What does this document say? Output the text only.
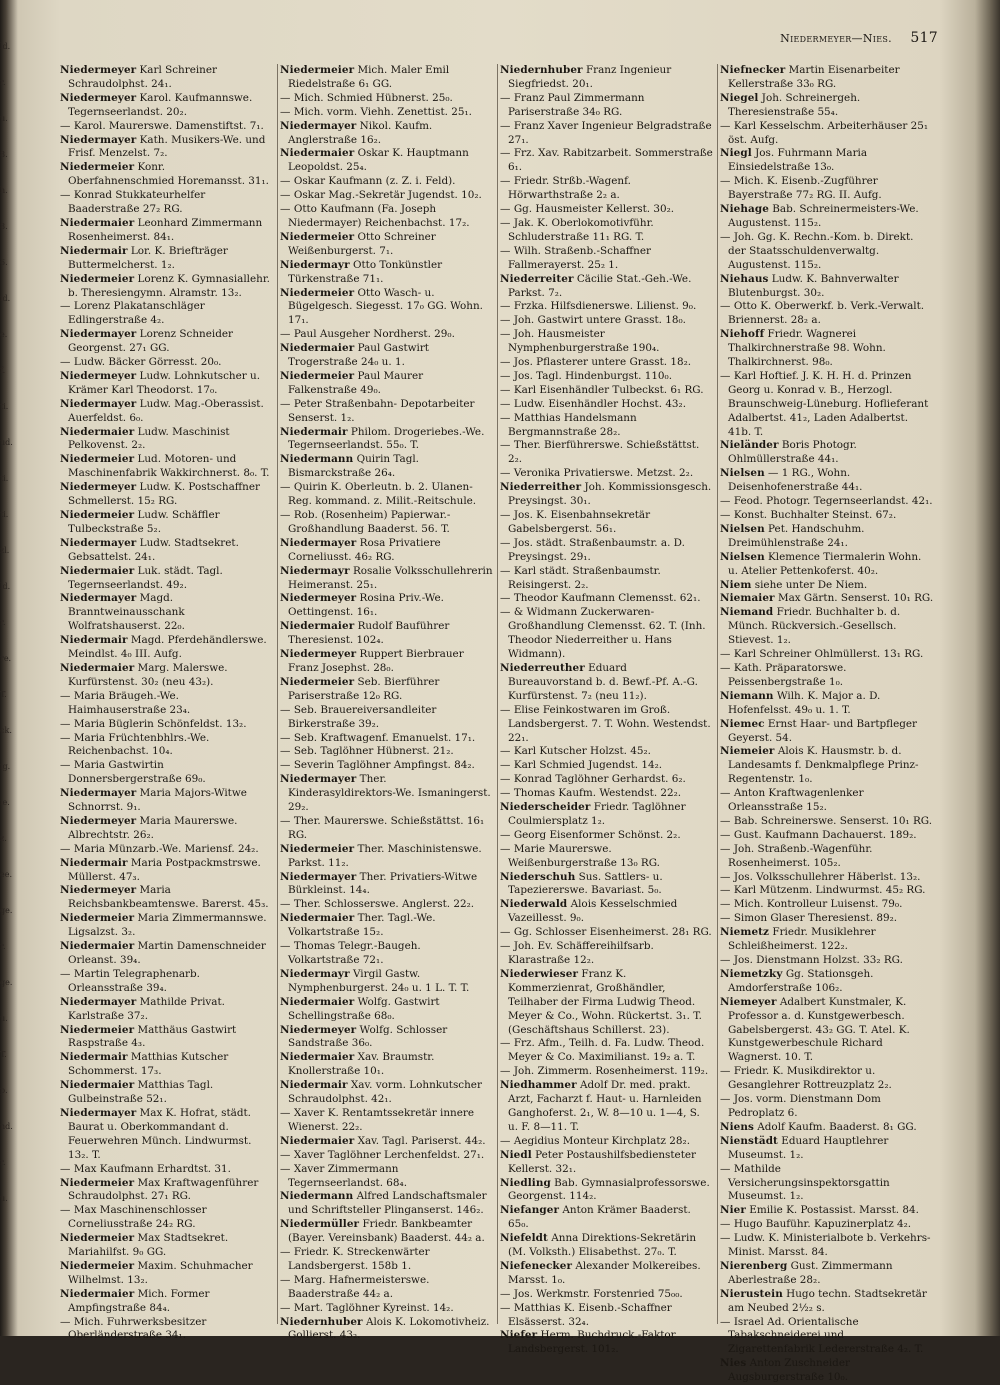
ld.
r.
u.
8.
h.
8.
6.
id.
e.
f.
ti.
ud.
ti.
ti.
zl.
ld.
r.
re.
T.
ck.
ig.
ie.
z.
ee.
ge.
r.
ge.
u.
T.
p.
nd.
r.
u.
Niedermeyer—Nies. 517

Niedermeyer Karl Schreiner Schraudolphst. 24₁.

Niedermeyer Karol. Kaufmannswe. Tegernseerlandst. 20₂.

— Karol. Maurerswe. Damenstiftst. 7₁.

Niedermayer Kath. Musikers-We. und Frisf. Menzelst. 7₂.

Niedermeier Konr. Oberfahnenschmied Horemansst. 31₁.

— Konrad Stukkateurhelfer Baaderstraße 27₂ RG.

Niedermaier Leonhard Zimmermann Rosenheimerst. 84₁.

Niedermair Lor. K. Briefträger Buttermelcherst. 1₂.

Niedermeier Lorenz K. Gymnasiallehr. b. Theresiengymn. Alramstr. 13₂.

— Lorenz Plakatanschläger Edlingerstraße 4₂.

Niedermayer Lorenz Schneider Georgenst. 27₁ GG.

— Ludw. Bäcker Görresst. 20₀.

Niedermeyer Ludw. Lohnkutscher u. Krämer Karl Theodorst. 17₀.

Niedermayer Ludw. Mag.-Oberassist. Auerfeldst. 6₀.

Niedermaier Ludw. Maschinist Pelkovenst. 2₂.

Niedermeier Lud. Motoren- und Maschinenfabrik Wakkirchnerst. 8₀. T.

Niedermeyer Ludw. K. Postschaffner Schmellerst. 15₂ RG.

Niedermeier Ludw. Schäffler Tulbeckstraße 5₂.

Niedermayer Ludw. Stadtsekret. Gebsattelst. 24₁.

Niedermaier Luk. städt. Tagl. Tegernseerlandst. 49₂.

Niedermayer Magd. Branntweinausschank Wolfratshauserst. 22₀.

Niedermair Magd. Pferdehändlerswe. Meindlst. 4₀ III. Aufg.

Niedermaier Marg. Malerswe. Kurfürstenst. 30₂ (neu 43₂).

— Maria Bräugeh.-We. Haimhauserstraße 23₄.

— Maria Büglerin Schönfeldst. 13₂.

— Maria Früchtenbhlrs.-We. Reichenbachst. 10₄.

— Maria Gastwirtin Donnersbergerstraße 69₀.

Niedermayer Maria Majors-Witwe Schnorrst. 9₁.

Niedermeyer Maria Maurerswe. Albrechtstr. 26₂.

— Maria Münzarb.-We. Mariensf. 24₂.

Niedermair Maria Postpackmstrswe. Müllerst. 47₃.

Niedermeyer Maria Reichsbankbeamtenswe. Barerst. 45₃.

Niedermeier Maria Zimmermannswe. Ligsalzst. 3₂.

Niedermaier Martin Damenschneider Orleanst. 39₄.

— Martin Telegraphenarb. Orleansstraße 39₄.

Niedermayer Mathilde Privat. Karlstraße 37₂.

Niedermeier Matthäus Gastwirt Raspstraße 4₃.

Niedermair Matthias Kutscher Schommerst. 17₃.

Niedermaier Matthias Tagl. Gulbeinstraße 52₁.

Niedermayer Max K. Hofrat, städt. Baurat u. Oberkommandant d. Feuerwehren Münch. Lindwurmst. 13₂. T.

— Max Kaufmann Erhardtst. 31.

Niedermeier Max Kraftwagenführer Schraudolphst. 27₁ RG.

— Max Maschinenschlosser Corneliusstraße 24₂ RG.

Niedermeier Max Stadtsekret. Mariahilfst. 9₀ GG.

Niedermeier Maxim. Schuhmacher Wilhelmst. 13₂.

Niedermaier Mich. Former Ampfingstraße 84₄.

— Mich. Fuhrwerksbesitzer Oberländerstraße 34₁.

Niedermeier Mich. Maler Emil Riedelstraße 6₁ GG.

— Mich. Schmied Hübnerst. 25₀.

— Mich. vorm. Viehh. Zenettist. 25₁.

Niedermayer Nikol. Kaufm. Anglerstraße 16₂.

Niedermaier Oskar K. Hauptmann Leopoldst. 25₄.

— Oskar Kaufmann (z. Z. i. Feld).

— Oskar Mag.-Sekretär Jugendst. 10₂.

— Otto Kaufmann (Fa. Joseph Niedermayer) Reichenbachst. 17₂.

Niedermeier Otto Schreiner Weißenburgerst. 7₁.

Niedermayr Otto Tonkünstler Türkenstraße 71₁.

Niedermeier Otto Wasch- u. Bügelgesch. Siegesst. 17₀ GG. Wohn. 17₁.

— Paul Ausgeher Nordherst. 29₀.

Niedermaier Paul Gastwirt Trogerstraße 24₀ u. 1.

Niedermeier Paul Maurer Falkenstraße 49₀.

— Peter Straßenbahn- Depotarbeiter Senserst. 1₂.

Niedermair Philom. Drogeriebes.-We. Tegernseerlandst. 55₀. T.

Niedermann Quirin Tagl. Bismarckstraße 26₄.

— Quirin K. Oberleutn. b. 2. Ulanen-Reg. kommand. z. Milit.-Reitschule.

— Rob. (Rosenheim) Papierwar.-Großhandlung Baaderst. 56. T.

Niedermayer Rosa Privatiere Corneliusst. 46₂ RG.

Niedermayr Rosalie Volksschullehrerin Heimeranst. 25₁.

Niedermeyer Rosina Priv.-We. Oettingenst. 16₁.

Niedermaier Rudolf Bauführer Theresienst. 102₄.

Niedermeyer Ruppert Bierbrauer Franz Josephst. 28₀.

Niedermeier Seb. Bierführer Pariserstraße 12₀ RG.

— Seb. Brauereiversandleiter Birkerstraße 39₂.

— Seb. Kraftwagenf. Emanuelst. 17₁.

— Seb. Taglöhner Hübnerst. 21₂.

— Severin Taglöhner Ampfingst. 84₂.

Niedermayer Ther. Kinderasyldirektors-We. Ismaningerst. 29₂.

— Ther. Maurerswe. Schießstättst. 16₁ RG.

Niedermeier Ther. Maschinistenswe. Parkst. 11₂.

Niedermayer Ther. Privatiers-Witwe Bürkleinst. 14₄.

— Ther. Schlosserswe. Anglerst. 22₂.

Niedermaier Ther. Tagl.-We. Volkartstraße 15₂.

— Thomas Telegr.-Baugeh. Volkartstraße 72₁.

Niedermayr Virgil Gastw. Nymphenburgerst. 24₀ u. 1 L. T. T.

Niedermaier Wolfg. Gastwirt Schellingstraße 68₀.

Niedermeyer Wolfg. Schlosser Sandstraße 36₀.

Niedermaier Xav. Braumstr. Knollerstraße 10₁.

Niedermair Xav. vorm. Lohnkutscher Schraudolphst. 42₁.

— Xaver K. Rentamtssekretär innere Wienerst. 22₂.

Niedermaier Xav. Tagl. Pariserst. 44₂.

— Xaver Taglöhner Lerchenfeldst. 27₁.

— Xaver Zimmermann Tegernseerlandst. 68₄.

Niedermann Alfred Landschaftsmaler und Schriftsteller Plinganserst. 146₂.

Niedermüller Friedr. Bankbeamter (Bayer. Vereinsbank) Baaderst. 44₂ a.

— Friedr. K. Streckenwärter Landsbergerst. 158b 1.

— Marg. Hafnermeisterswe. Baaderstraße 44₂ a.

— Mart. Taglöhner Kyreinst. 14₂.

Niedernhuber Alois K. Lokomotivheiz. Gollierst. 43₂.

Niedernhuber Franz Ingenieur Siegfriedst. 20₁.

— Franz Paul Zimmermann Pariserstraße 34₀ RG.

— Franz Xaver Ingenieur Belgradstraße 27₁.

— Frz. Xav. Rabitzarbeit. Sommerstraße 6₁.

— Friedr. Strßb.-Wagenf. Hörwarthstraße 2₂ a.

— Gg. Hausmeister Kellerst. 30₂.

— Jak. K. Oberlokomotivführ. Schluderstraße 11₁ RG. T.

— Wilh. Straßenb.-Schaffner Fallmerayerst. 25₂ 1.

Niederreiter Cäcilie Stat.-Geh.-We. Parkst. 7₂.

— Frzka. Hilfsdienerswe. Lilienst. 9₀.

— Joh. Gastwirt untere Grasst. 18₀.

— Joh. Hausmeister Nymphenburgerstraße 190₄.

— Jos. Pflasterer untere Grasst. 18₂.

— Jos. Tagl. Hindenburgst. 110₀.

— Karl Eisenhändler Tulbeckst. 6₁ RG.

— Ludw. Eisenhändler Hochst. 43₂.

— Matthias Handelsmann Bergmannstraße 28₂.

— Ther. Bierführerswe. Schießstättst. 2₂.

— Veronika Privatierswe. Metzst. 2₂.

Niederreither Joh. Kommissionsgesch. Preysingst. 30₁.

— Jos. K. Eisenbahnsekretär Gabelsbergerst. 56₁.

— Jos. städt. Straßenbaumstr. a. D. Preysingst. 29₁.

— Karl städt. Straßenbaumstr. Reisingerst. 2₂.

— Theodor Kaufmann Clemensst. 62₁.

— & Widmann Zuckerwaren-Großhandlung Clemensst. 62. T. (Inh. Theodor Niederreither u. Hans Widmann).

Niederreuther Eduard Bureauvorstand b. d. Bewf.-Pf. A.-G. Kurfürstenst. 7₂ (neu 11₂).

— Elise Feinkostwaren im Groß. Landsbergerst. 7. T. Wohn. Westendst. 22₁.

— Karl Kutscher Holzst. 45₂.

— Karl Schmied Jugendst. 14₂.

— Konrad Taglöhner Gerhardst. 6₂.

— Thomas Kaufm. Westendst. 22₂.

Niederscheider Friedr. Taglöhner Coulmiersplatz 1₂.

— Georg Eisenformer Schönst. 2₂.

— Marie Maurerswe. Weißenburgerstraße 13₀ RG.

Niederschuh Sus. Sattlers- u. Tapeziererswe. Bavariast. 5₀.

Niederwald Alois Kesselschmied Vazeillesst. 9₀.

— Gg. Schlosser Eisenheimerst. 28₁ RG.

— Joh. Ev. Schäffereihilfsarb. Klarastraße 12₂.

Niederwieser Franz K. Kommerzienrat, Großhändler, Teilhaber der Firma Ludwig Theod. Meyer & Co., Wohn. Rückertst. 3₁. T. (Geschäftshaus Schillerst. 23).

— Frz. Afm., Teilh. d. Fa. Ludw. Theod. Meyer & Co. Maximilianst. 19₂ a. T.

— Joh. Zimmerm. Rosenheimerst. 119₂.

Niedhammer Adolf Dr. med. prakt. Arzt, Facharzt f. Haut- u. Harnleiden Ganghoferst. 2₁, W. 8—10 u. 1—4, S. u. F. 8—11. T.

— Aegidius Monteur Kirchplatz 28₂.

Niedl Peter Postaushilfsbediensteter Kellerst. 32₁.

Niedling Bab. Gymnasialprofessorswe. Georgenst. 114₂.

Niefanger Anton Krämer Baaderst. 65₀.

Niefeldt Anna Direktions-Sekretärin (M. Volksth.) Elisabethst. 27₀. T.

Niefenecker Alexander Molkereibes. Marsst. 1₀.

— Jos. Werkmstr. Forstenried 75₀₀.

— Matthias K. Eisenb.-Schaffner Elsässerst. 32₄.

Niefer Herm. Buchdruck.-Faktor Landsbergerst. 101₂.

Niefnecker Martin Eisenarbeiter Kellerstraße 33₀ RG.

Niegel Joh. Schreinergeh. Theresienstraße 55₄.

— Karl Kesselschm. Arbeiterhäuser 25₁ öst. Aufg.

Niegl Jos. Fuhrmann Maria Einsiedelstraße 13₀.

— Mich. K. Eisenb.-Zugführer Bayerstraße 77₂ RG. II. Aufg.

Niehage Bab. Schreinermeisters-We. Augustenst. 115₂.

— Joh. Gg. K. Rechn.-Kom. b. Direkt. der Staatsschuldenverwaltg. Augustenst. 115₂.

Niehaus Ludw. K. Bahnverwalter Blutenburgst. 30₂.

— Otto K. Oberwerkf. b. Verk.-Verwalt. Briennerst. 28₂ a.

Niehoff Friedr. Wagnerei Thalkirchnerstraße 98. Wohn. Thalkirchnerst. 98₀.

— Karl Hoftief. J. K. H. H. d. Prinzen Georg u. Konrad v. B., Herzogl. Braunschweig-Lüneburg. Hoflieferant Adalbertst. 41₂, Laden Adalbertst. 41b. T.

Nieländer Boris Photogr. Ohlmüllerstraße 44₁.

Nielsen — 1 RG., Wohn. Deisenhofenerstraße 44₁.

— Feod. Photogr. Tegernseerlandst. 42₁.

— Konst. Buchhalter Steinst. 67₂.

Nielsen Pet. Handschuhm. Dreimühlenstraße 24₁.

Nielsen Klemence Tiermalerin Wohn. u. Atelier Pettenkoferst. 40₂.

Niem siehe unter De Niem.

Niemaier Max Gärtn. Senserst. 10₁ RG.

Niemand Friedr. Buchhalter b. d. Münch. Rückversich.-Gesellsch. Stievest. 1₂.

— Karl Schreiner Ohlmüllerst. 13₁ RG.

— Kath. Präparatorswe. Peissenbergstraße 1₀.

Niemann Wilh. K. Major a. D. Hofenfelsst. 49₀ u. 1. T.

Niemec Ernst Haar- und Bartpfleger Geyerst. 54.

Niemeier Alois K. Hausmstr. b. d. Landesamts f. Denkmalpflege Prinz-Regentenstr. 1₀.

— Anton Kraftwagenlenker Orleansstraße 15₂.

— Bab. Schreinerswe. Senserst. 10₁ RG.

— Gust. Kaufmann Dachauerst. 189₂.

— Joh. Straßenb.-Wagenführ. Rosenheimerst. 105₂.

— Jos. Volksschullehrer Häberlst. 13₂.

— Karl Mützenm. Lindwurmst. 45₂ RG.

— Mich. Kontrolleur Luisenst. 79₀.

— Simon Glaser Theresienst. 89₂.

Niemetz Friedr. Musiklehrer Schleißheimerst. 122₂.

— Jos. Dienstmann Holzst. 33₂ RG.

Niemetzky Gg. Stationsgeh. Amdorferstraße 106₂.

Niemeyer Adalbert Kunstmaler, K. Professor a. d. Kunstgewerbesch. Gabelsbergerst. 43₂ GG. T. Atel. K. Kunstgewerbeschule Richard Wagnerst. 10. T.

— Friedr. K. Musikdirektor u. Gesanglehrer Rottreuzplatz 2₂.

— Jos. vorm. Dienstmann Dom Pedroplatz 6.

Niens Adolf Kaufm. Baaderst. 8₁ GG.

Nienstädt Eduard Hauptlehrer Museumst. 1₂.

— Mathilde Versicherungsinspektorsgattin Museumst. 1₂.

Nier Emilie K. Postassist. Marsst. 84.

— Hugo Bauführ. Kapuzinerplatz 4₂.

— Ludw. K. Ministerialbote b. Verkehrs-Minist. Marsst. 84.

Nierenberg Gust. Zimmermann Aberlestraße 28₂.

Nierustein Hugo techn. Stadtsekretär am Neubed 2½₂ s.

— Israel Ad. Orientalische Tabakschneiderei und Zigarettenfabrik Ledererstraße 4₂. T.

Nies Anton Zuschneider Augsburgerstraße 10₀.
